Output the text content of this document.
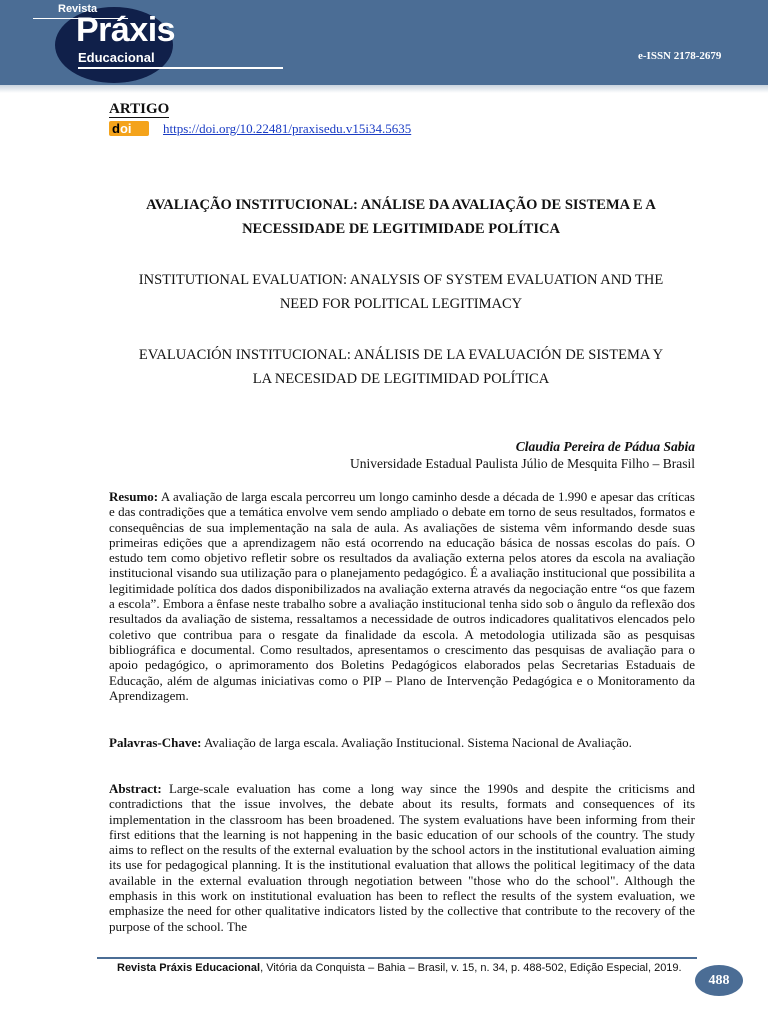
Revista
Práxis
Educacional	e-ISSN 2178-2679
ARTIGO
doi	https://doi.org/10.22481/praxisedu.v15i34.5635
AVALIAÇÃO INSTITUCIONAL: ANÁLISE DA AVALIAÇÃO DE SISTEMA E A
NECESSIDADE DE LEGITIMIDADE POLÍTICA
INSTITUTIONAL EVALUATION: ANALYSIS OF SYSTEM EVALUATION AND THE
NEED FOR POLITICAL LEGITIMACY
EVALUACIÓN INSTITUCIONAL: ANÁLISIS DE LA EVALUACIÓN DE SISTEMA Y
LA NECESIDAD DE LEGITIMIDAD POLÍTICA
Claudia Pereira de Pádua Sabia
Universidade Estadual Paulista Júlio de Mesquita Filho – Brasil
Resumo: A avaliação de larga escala percorreu um longo caminho desde a década de 1.990 e apesar das críticas e das contradições que a temática envolve vem sendo ampliado o debate em torno de seus resultados, formatos e consequências de sua implementação na sala de aula. As avaliações de sistema vêm informando desde suas primeiras edições que a aprendizagem não está ocorrendo na educação básica de nossas escolas do país. O estudo tem como objetivo refletir sobre os resultados da avaliação externa pelos atores da escola na avaliação institucional visando sua utilização para o planejamento pedagógico. É a avaliação institucional que possibilita a legitimidade política dos dados disponibilizados na avaliação externa através da negociação entre “os que fazem a escola”. Embora a ênfase neste trabalho sobre a avaliação institucional tenha sido sob o ângulo da reflexão dos resultados da avaliação de sistema, ressaltamos a necessidade de outros indicadores qualitativos elencados pelo coletivo que contribua para o resgate da finalidade da escola. A metodologia utilizada são as pesquisas bibliográfica e documental. Como resultados, apresentamos o crescimento das pesquisas de avaliação para o apoio pedagógico, o aprimoramento dos Boletins Pedagógicos elaborados pelas Secretarias Estaduais de Educação, além de algumas iniciativas como o PIP – Plano de Intervenção Pedagógica e o Monitoramento da Aprendizagem.
Palavras-Chave: Avaliação de larga escala. Avaliação Institucional. Sistema Nacional de Avaliação.
Abstract: Large-scale evaluation has come a long way since the 1990s and despite the criticisms and contradictions that the issue involves, the debate about its results, formats and consequences of its implementation in the classroom has been broadened. The system evaluations have been informing from their first editions that the learning is not happening in the basic education of our schools of the country. The study aims to reflect on the results of the external evaluation by the school actors in the institutional evaluation aiming its use for pedagogical planning. It is the institutional evaluation that allows the political legitimacy of the data available in the external evaluation through negotiation between "those who do the school". Although the emphasis in this work on institutional evaluation has been to reflect the results of the system evaluation, we emphasize the need for other qualitative indicators listed by the collective that contribute to the recovery of the purpose of the school. The
Revista Práxis Educacional, Vitória da Conquista – Bahia – Brasil, v. 15, n. 34, p. 488-502, Edição Especial, 2019.
488
